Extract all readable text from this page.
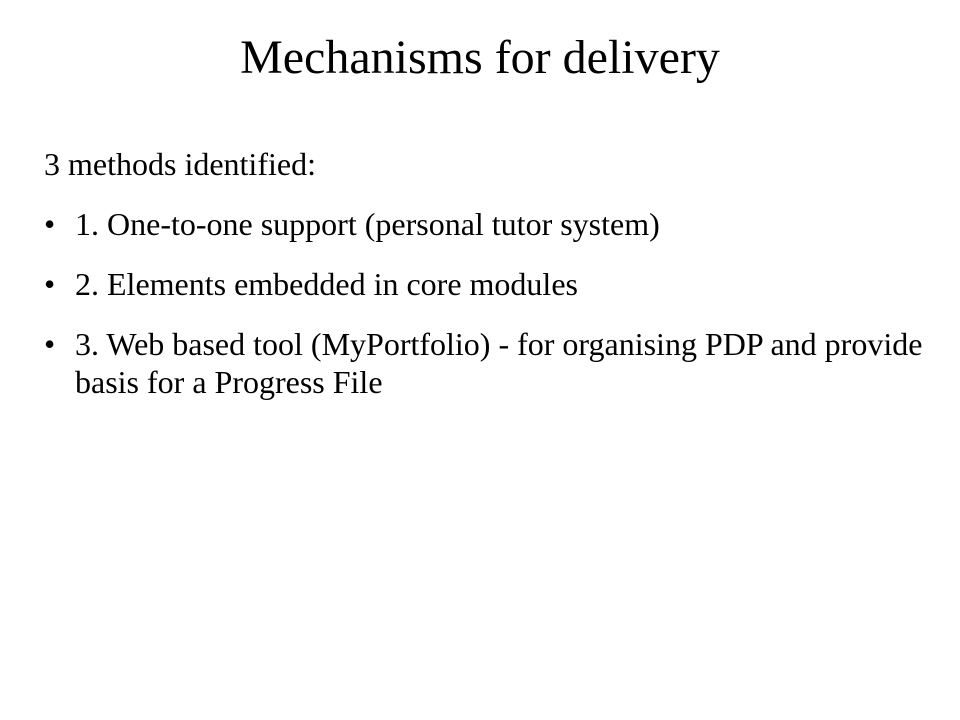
Mechanisms for delivery

3 methods identified:

• 1. One-to-one support (personal tutor system)
• 2. Elements embedded in core modules
• 3. Web based tool (MyPortfolio) - for organising PDP and provide basis for a Progress File
